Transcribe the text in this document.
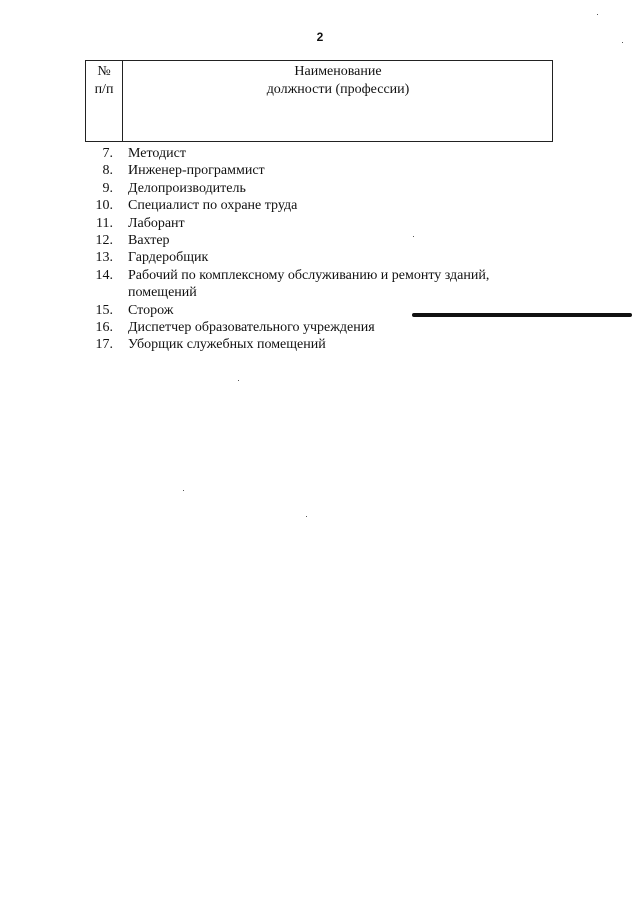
2
№
п/п
Наименование
должности (профессии)
7. Методист
8. Инженер-программист
9. Делопроизводитель
10. Специалист по охране труда
11. Лаборант
12. Вахтер
13. Гардеробщик
14. Рабочий по комплексному обслуживанию и ремонту зданий, помещений
15. Сторож
16. Диспетчер образовательного учреждения
17. Уборщик служебных помещений
